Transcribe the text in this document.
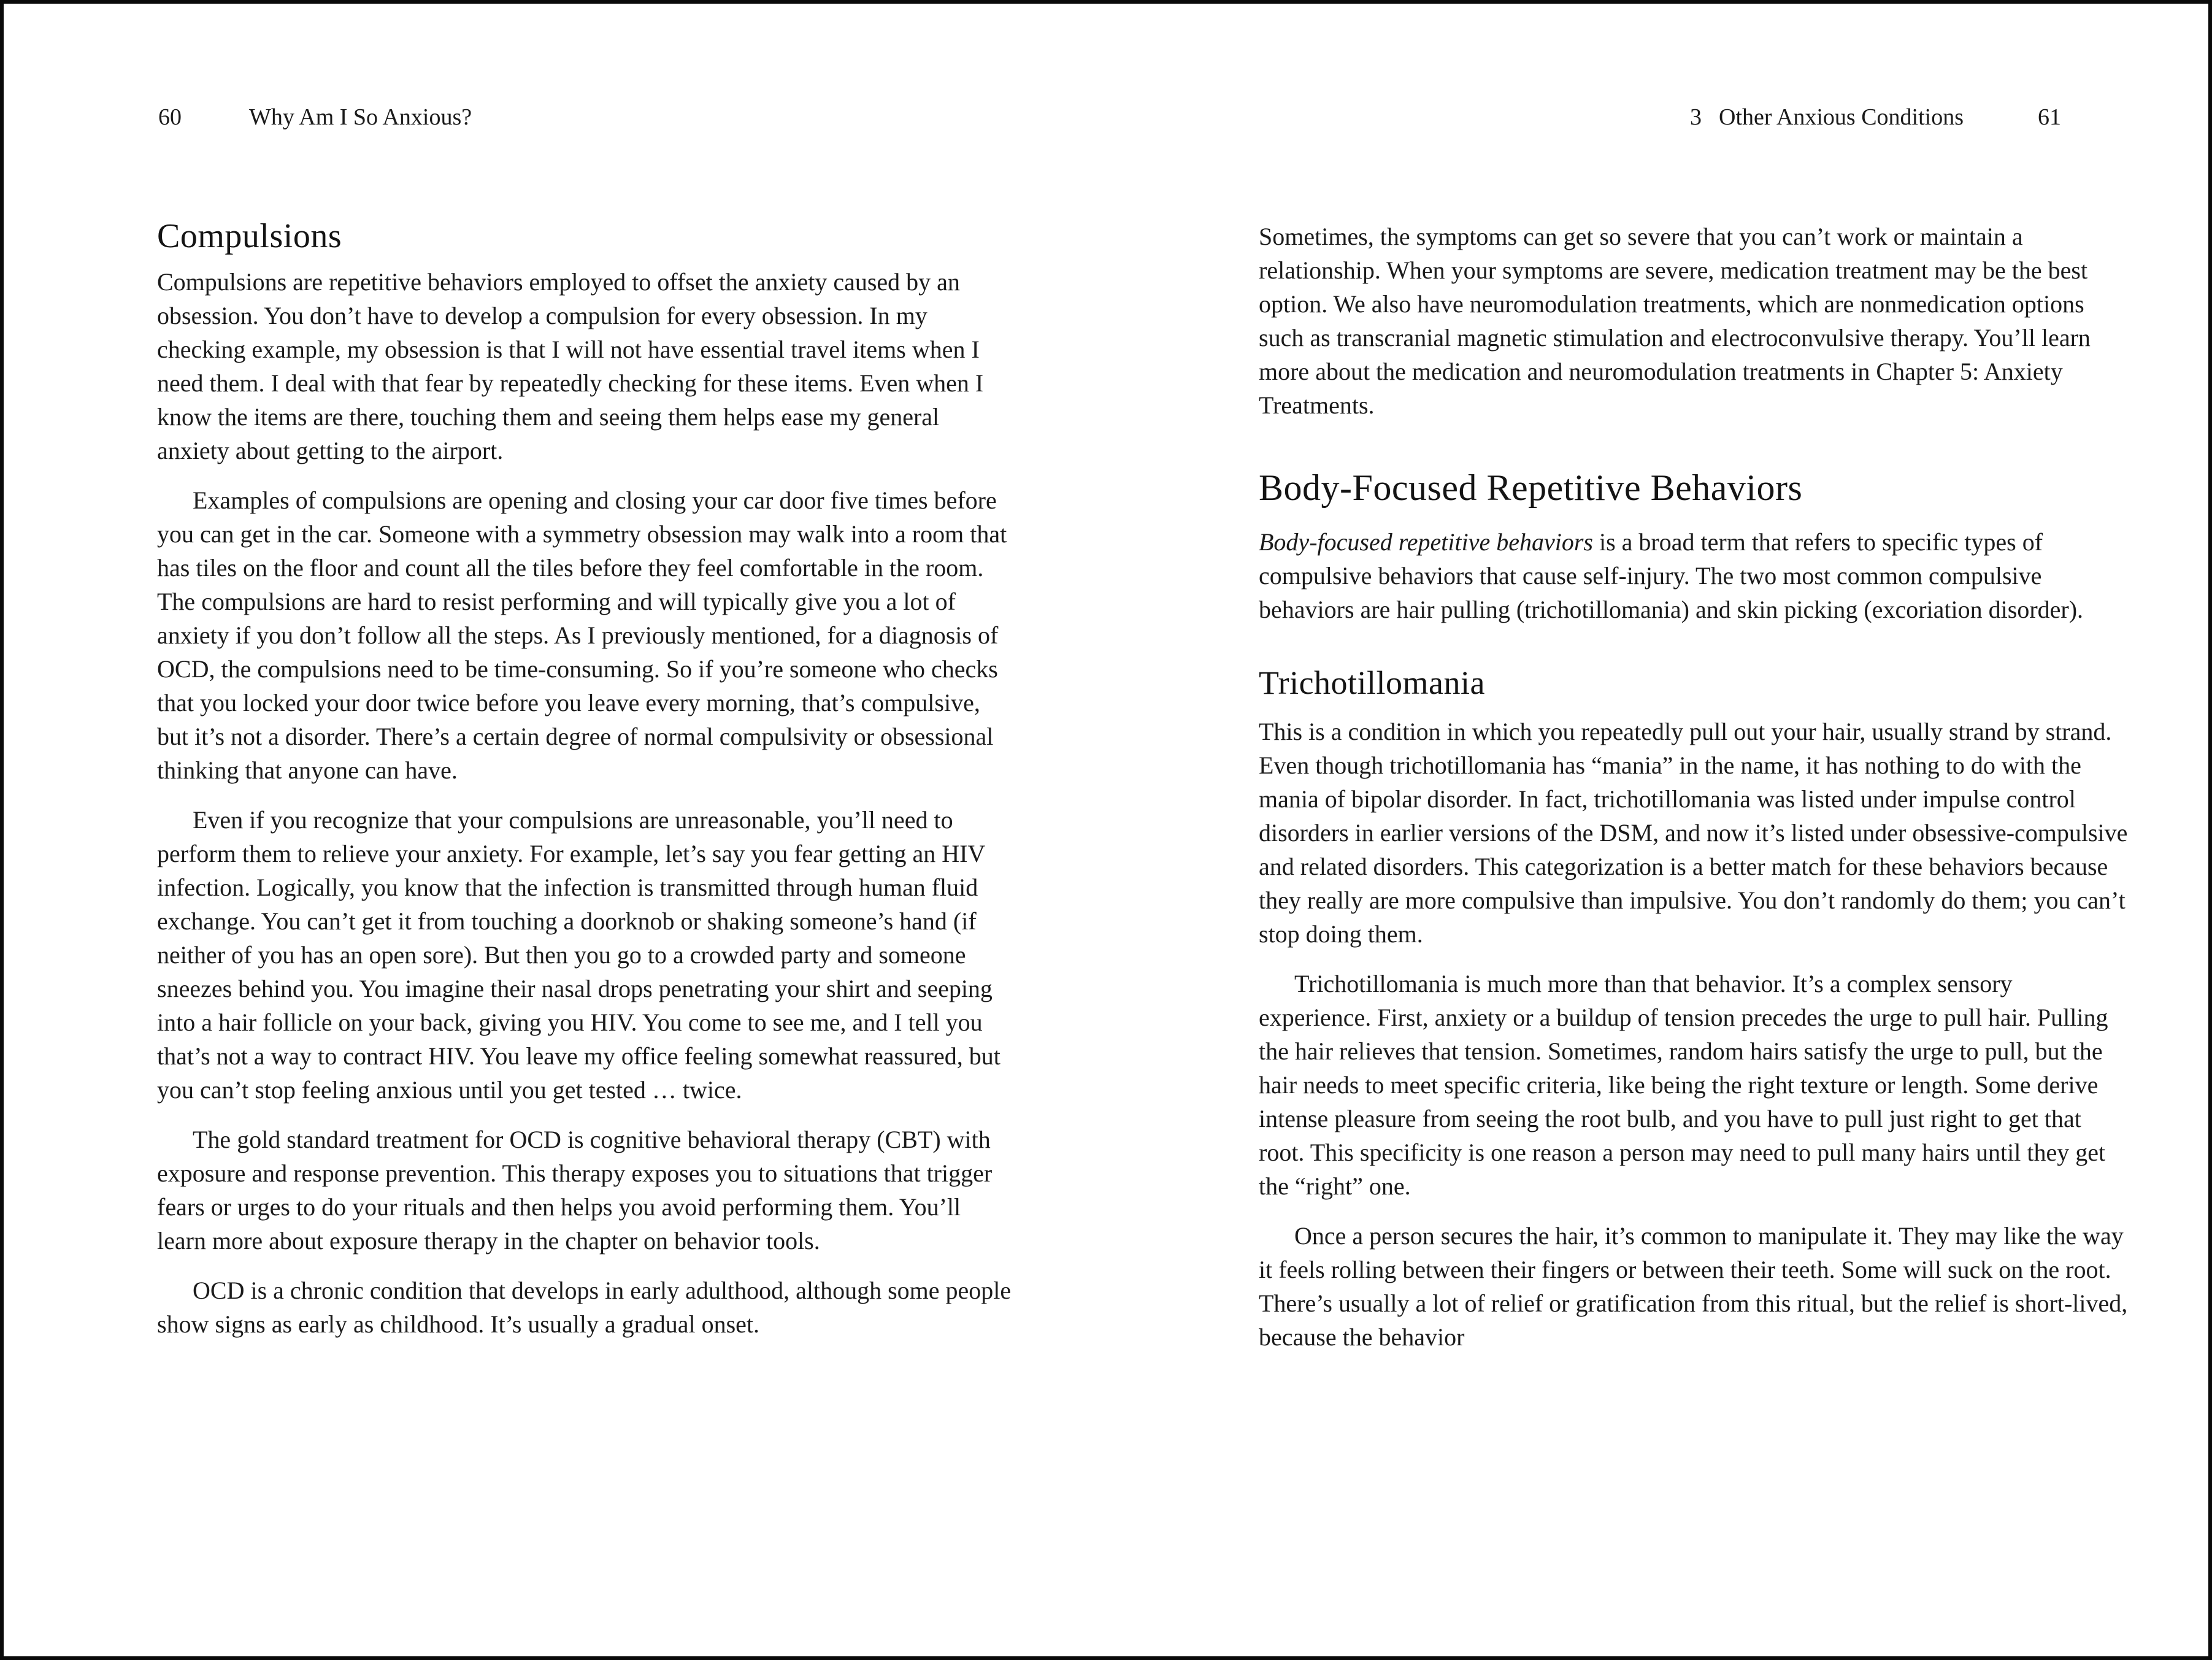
60	Why Am I So Anxious?	3 Other Anxious Conditions	61
Compulsions

Compulsions are repetitive behaviors employed to offset the anxiety caused by an obsession. You don’t have to develop a compulsion for every obsession. In my checking example, my obsession is that I will not have essential travel items when I need them. I deal with that fear by repeatedly checking for these items. Even when I know the items are there, touching them and seeing them helps ease my general anxiety about getting to the airport.

Examples of compulsions are opening and closing your car door five times before you can get in the car. Someone with a symmetry obsession may walk into a room that has tiles on the floor and count all the tiles before they feel comfortable in the room. The compulsions are hard to resist performing and will typically give you a lot of anxiety if you don’t follow all the steps. As I previously mentioned, for a diagnosis of OCD, the compulsions need to be time-consuming. So if you’re someone who checks that you locked your door twice before you leave every morning, that’s compulsive, but it’s not a disorder. There’s a certain degree of normal compulsivity or obsessional thinking that anyone can have.

Even if you recognize that your compulsions are unreasonable, you’ll need to perform them to relieve your anxiety. For example, let’s say you fear getting an HIV infection. Logically, you know that the infection is transmitted through human fluid exchange. You can’t get it from touching a doorknob or shaking someone’s hand (if neither of you has an open sore). But then you go to a crowded party and someone sneezes behind you. You imagine their nasal drops penetrating your shirt and seeping into a hair follicle on your back, giving you HIV. You come to see me, and I tell you that’s not a way to contract HIV. You leave my office feeling somewhat reassured, but you can’t stop feeling anxious until you get tested … twice.

The gold standard treatment for OCD is cognitive behavioral therapy (CBT) with exposure and response prevention. This therapy exposes you to situations that trigger fears or urges to do your rituals and then helps you avoid performing them. You’ll learn more about exposure therapy in the chapter on behavior tools.

OCD is a chronic condition that develops in early adulthood, although some people show signs as early as childhood. It’s usually a gradual onset.

Sometimes, the symptoms can get so severe that you can’t work or maintain a relationship. When your symptoms are severe, medication treatment may be the best option. We also have neuromodulation treatments, which are nonmedication options such as transcranial magnetic stimulation and electroconvulsive therapy. You’ll learn more about the medication and neuromodulation treatments in Chapter 5: Anxiety Treatments.

Body-Focused Repetitive Behaviors

Body-focused repetitive behaviors is a broad term that refers to specific types of compulsive behaviors that cause self-injury. The two most common compulsive behaviors are hair pulling (trichotillomania) and skin picking (excoriation disorder).

Trichotillomania

This is a condition in which you repeatedly pull out your hair, usually strand by strand. Even though trichotillomania has “mania” in the name, it has nothing to do with the mania of bipolar disorder. In fact, trichotillomania was listed under impulse control disorders in earlier versions of the DSM, and now it’s listed under obsessive-compulsive and related disorders. This categorization is a better match for these behaviors because they really are more compulsive than impulsive. You don’t randomly do them; you can’t stop doing them.

Trichotillomania is much more than that behavior. It’s a complex sensory experience. First, anxiety or a buildup of tension precedes the urge to pull hair. Pulling the hair relieves that tension. Sometimes, random hairs satisfy the urge to pull, but the hair needs to meet specific criteria, like being the right texture or length. Some derive intense pleasure from seeing the root bulb, and you have to pull just right to get that root. This specificity is one reason a person may need to pull many hairs until they get the “right” one.

Once a person secures the hair, it’s common to manipulate it. They may like the way it feels rolling between their fingers or between their teeth. Some will suck on the root. There’s usually a lot of relief or gratification from this ritual, but the relief is short-lived, because the behavior
